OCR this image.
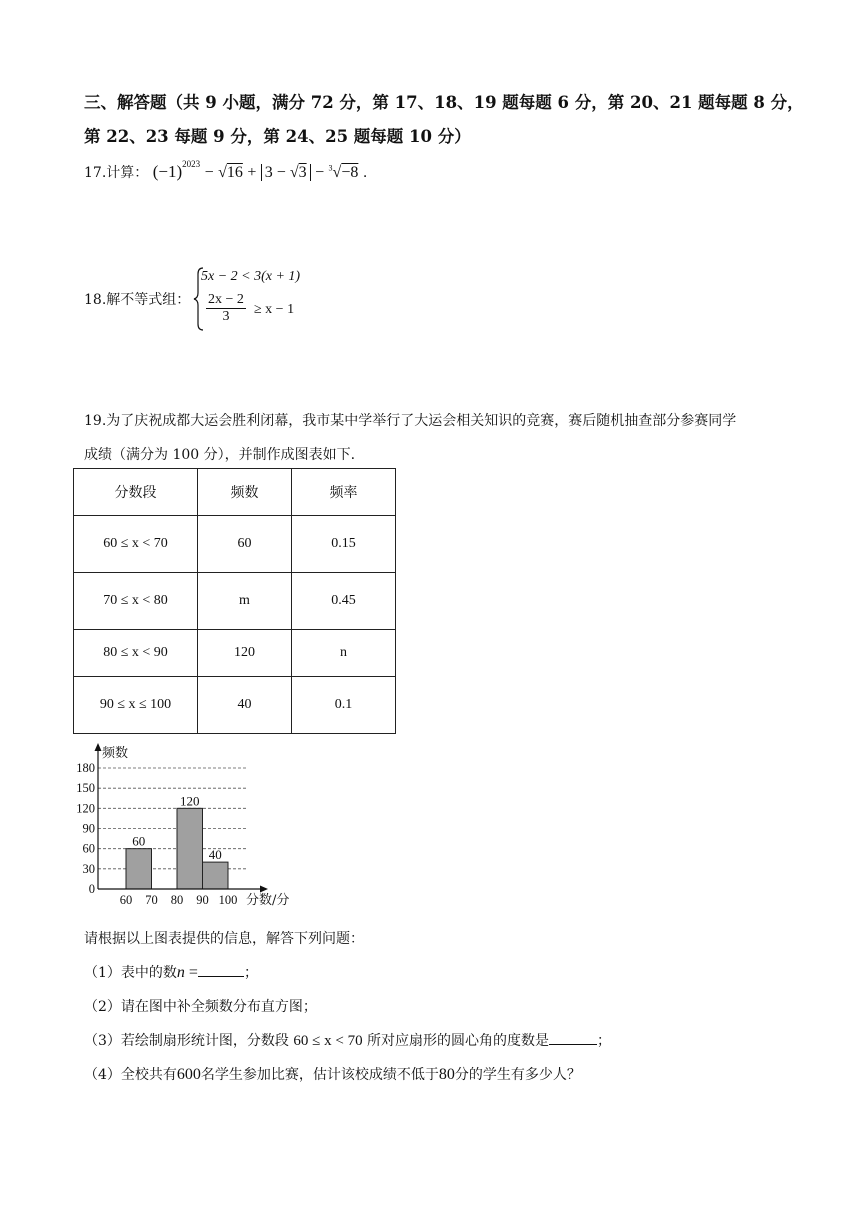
三、解答题（共 9 小题，满分 72 分，第 17、18、19 题每题 6 分，第 20、21 题每题 8 分，第 22、23 每题 9 分，第 24、25 题每题 10 分）
17.计算： $(-1)^{2023} - √16 + 3 - √3 - ^3√-8$ .
18.解不等式组：
5x − 2 < 3(x + 1)
$\frac{2x - 2}{3} \ge x - 1$
19.为了庆祝成都大运会胜利闭幕，我市某中学举行了大运会相关知识的竞赛，赛后随机抽查部分参赛同学
成绩（满分为 100 分），并制作成图表如下.
分数段	频数	频率
60 ≤ x < 70	60	0.15
70 ≤ x < 80	m	0.45
80 ≤ x < 90	120	n
90 ≤ x ≤ 100	40	0.1
60
120
40
0
30
60
90
120
150
180
60 70 80 90 100
频数
分数/分
请根据以上图表提供的信息，解答下列问题：
（1）表中的数n =	；
（2）请在图中补全频数分布直方图；
（3）若绘制扇形统计图，分数段 60 ≤ x < 70 所对应扇形的圆心角的度数是	；
（4）全校共有600名学生参加比赛，估计该校成绩不低于80分的学生有多少人？
